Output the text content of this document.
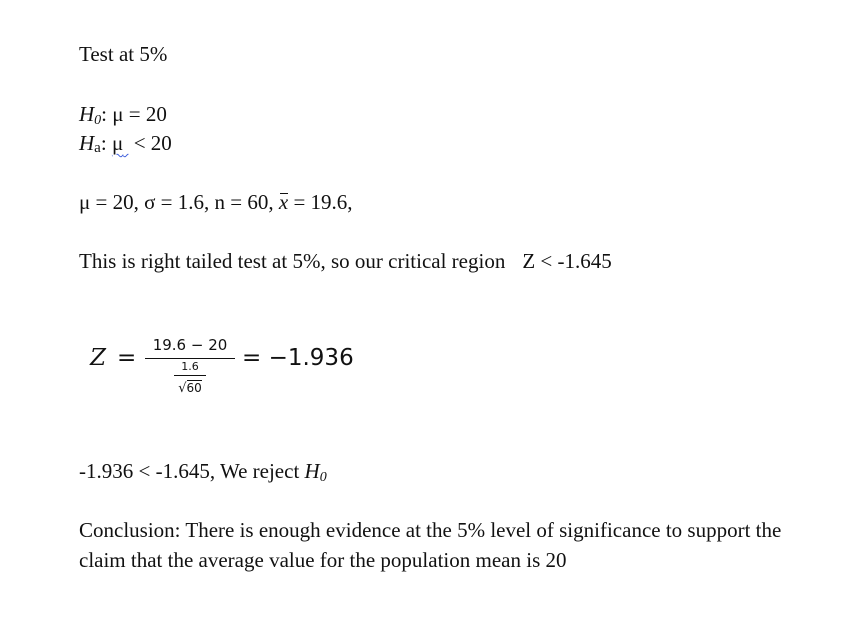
Test at 5%
$H_0$: μ = 20
Ha: μ  < 20
μ = 20, σ = 1.6, n = 60, x = 19.6,
This is right tailed test at 5%, so our critical region Z < -1.645
Z =	19.6 − 20
1.6
√60
= −1.936
-1.936 < -1.645, We reject $H_0$
Conclusion: There is enough evidence at the 5% level of significance to support the
claim that the average value for the population mean is 20
